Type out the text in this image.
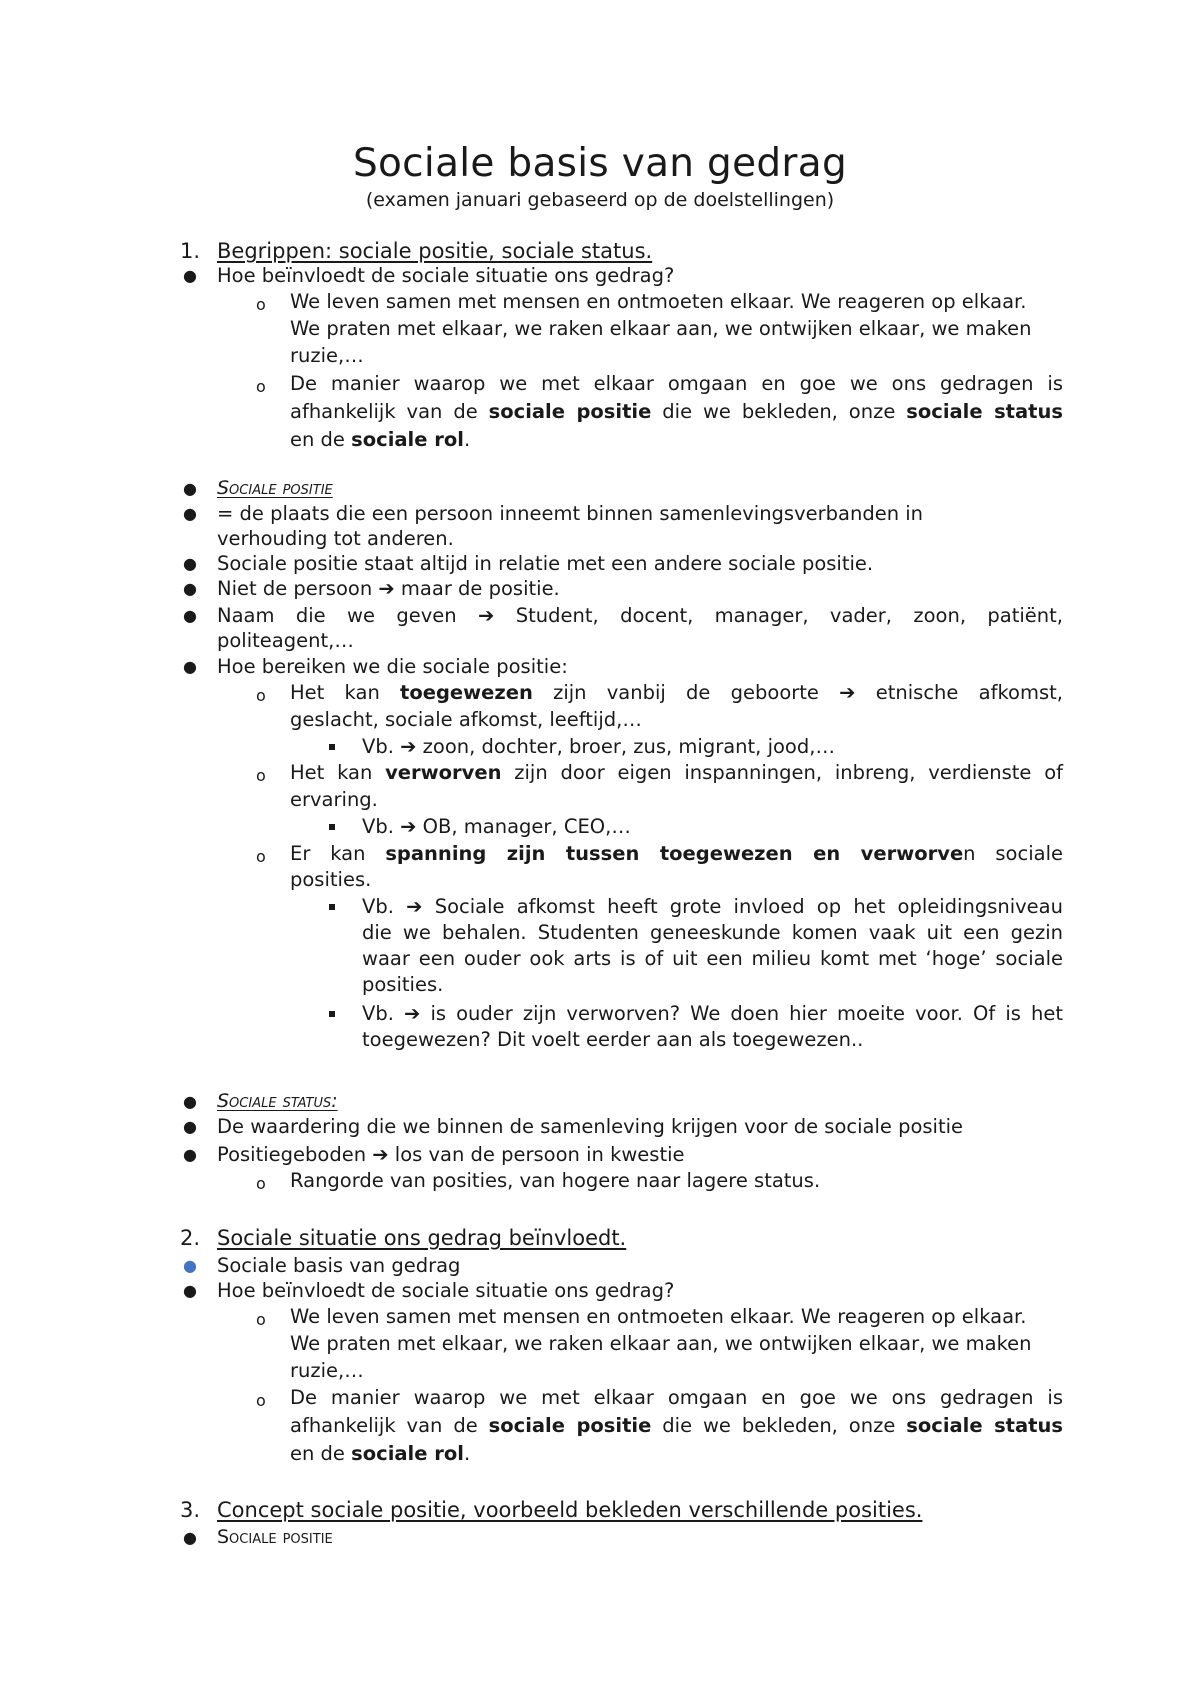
Sociale basis van gedrag
(examen januari gebaseerd op de doelstellingen)
1. Begrippen: sociale positie, sociale status.
● Hoe beïnvloedt de sociale situatie ons gedrag?
o We leven samen met mensen en ontmoeten elkaar. We reageren op elkaar.
We praten met elkaar, we raken elkaar aan, we ontwijken elkaar, we maken
ruzie,…
o De manier waarop we met elkaar omgaan en goe we ons gedragen is
afhankelijk van de sociale positie die we bekleden, onze sociale status
en de sociale rol.
● Sociale positie
● = de plaats die een persoon inneemt binnen samenlevingsverbanden in
verhouding tot anderen.
● Sociale positie staat altijd in relatie met een andere sociale positie.
● Niet de persoon ➔ maar de positie.
● Naam die we geven ➔ Student, docent, manager, vader, zoon, patiënt,
politeagent,…
● Hoe bereiken we die sociale positie:
o Het kan toegewezen zijn vanbij de geboorte ➔ etnische afkomst,
geslacht, sociale afkomst, leeftijd,…
Vb. ➔ zoon, dochter, broer, zus, migrant, jood,…
o Het kan verworven zijn door eigen inspanningen, inbreng, verdienste of
ervaring.
Vb. ➔ OB, manager, CEO,…
o Er kan spanning zijn tussen toegewezen en verworven sociale
posities.
Vb. ➔ Sociale afkomst heeft grote invloed op het opleidingsniveau
die we behalen. Studenten geneeskunde komen vaak uit een gezin
waar een ouder ook arts is of uit een milieu komt met ‘hoge’ sociale
posities.
Vb. ➔ is ouder zijn verworven? We doen hier moeite voor. Of is het
toegewezen? Dit voelt eerder aan als toegewezen..
● Sociale status:
● De waardering die we binnen de samenleving krijgen voor de sociale positie
● Positiegeboden ➔ los van de persoon in kwestie
o Rangorde van posities, van hogere naar lagere status.
2. Sociale situatie ons gedrag beïnvloedt.
● Sociale basis van gedrag
● Hoe beïnvloedt de sociale situatie ons gedrag?
o We leven samen met mensen en ontmoeten elkaar. We reageren op elkaar.
We praten met elkaar, we raken elkaar aan, we ontwijken elkaar, we maken
ruzie,…
o De manier waarop we met elkaar omgaan en goe we ons gedragen is
afhankelijk van de sociale positie die we bekleden, onze sociale status
en de sociale rol.
3. Concept sociale positie, voorbeeld bekleden verschillende posities.
● Sociale positie
